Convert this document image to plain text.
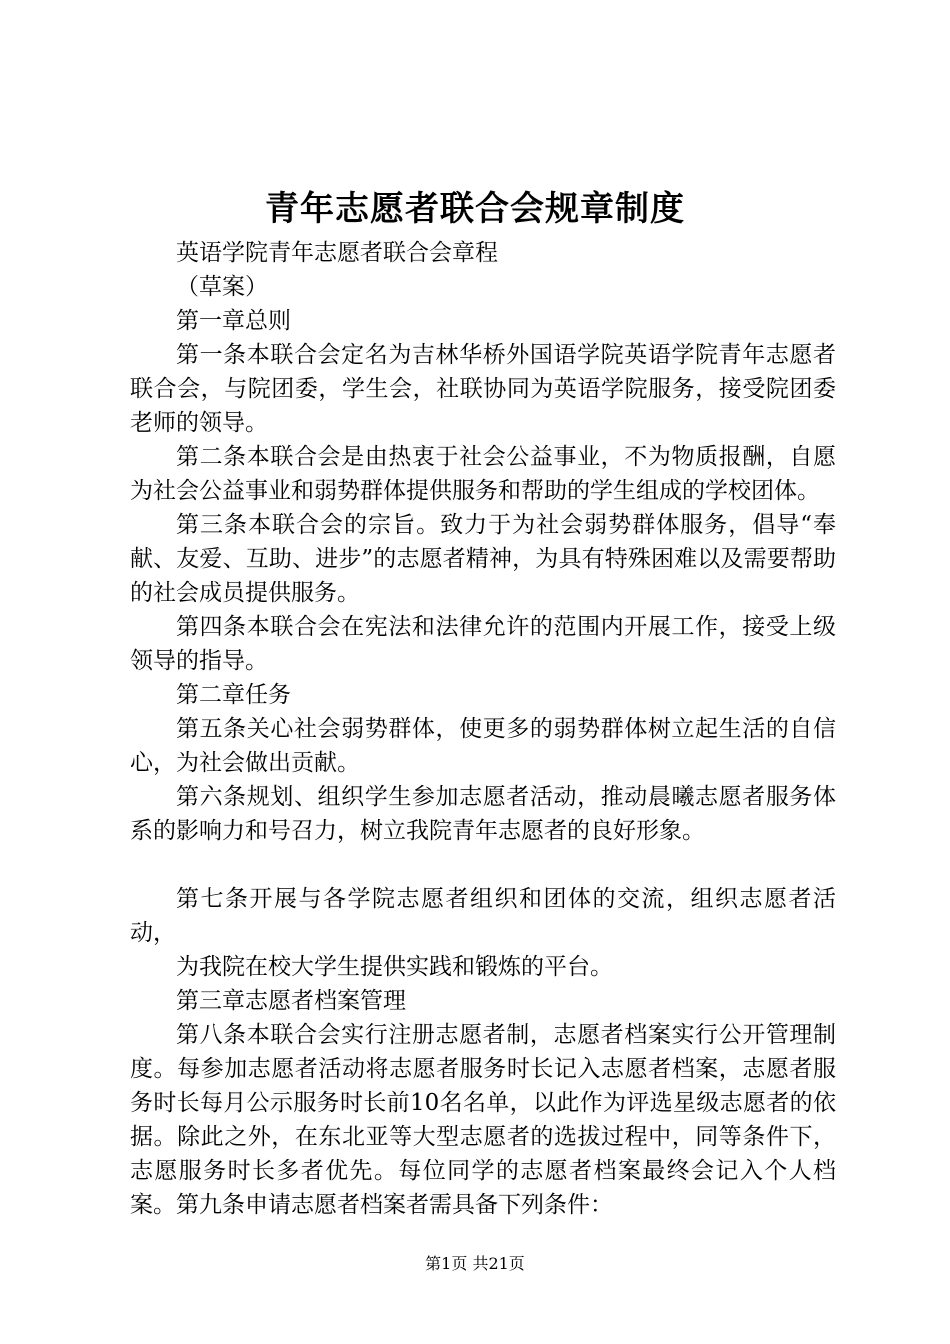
青年志愿者联合会规章制度

英语学院青年志愿者联合会章程

（草案）

第一章总则

第一条本联合会定名为吉林华桥外国语学院英语学院青年志愿者联合会，与院团委，学生会，社联协同为英语学院服务，接受院团委老师的领导。

第二条本联合会是由热衷于社会公益事业，不为物质报酬，自愿为社会公益事业和弱势群体提供服务和帮助的学生组成的学校团体。

第三条本联合会的宗旨。致力于为社会弱势群体服务，倡导“奉献、友爱、互助、进步”的志愿者精神，为具有特殊困难以及需要帮助的社会成员提供服务。

第四条本联合会在宪法和法律允许的范围内开展工作，接受上级领导的指导。

第二章任务

第五条关心社会弱势群体，使更多的弱势群体树立起生活的自信心，为社会做出贡献。

第六条规划、组织学生参加志愿者活动，推动晨曦志愿者服务体系的影响力和号召力，树立我院青年志愿者的良好形象。

第七条开展与各学院志愿者组织和团体的交流，组织志愿者活动，

为我院在校大学生提供实践和锻炼的平台。

第三章志愿者档案管理

第八条本联合会实行注册志愿者制，志愿者档案实行公开管理制度。每参加志愿者活动将志愿者服务时长记入志愿者档案，志愿者服务时长每月公示服务时长前10名名单，以此作为评选星级志愿者的依据。除此之外，在东北亚等大型志愿者的选拔过程中，同等条件下，志愿服务时长多者优先。每位同学的志愿者档案最终会记入个人档案。第九条申请志愿者档案者需具备下列条件：

第1页 共21页
